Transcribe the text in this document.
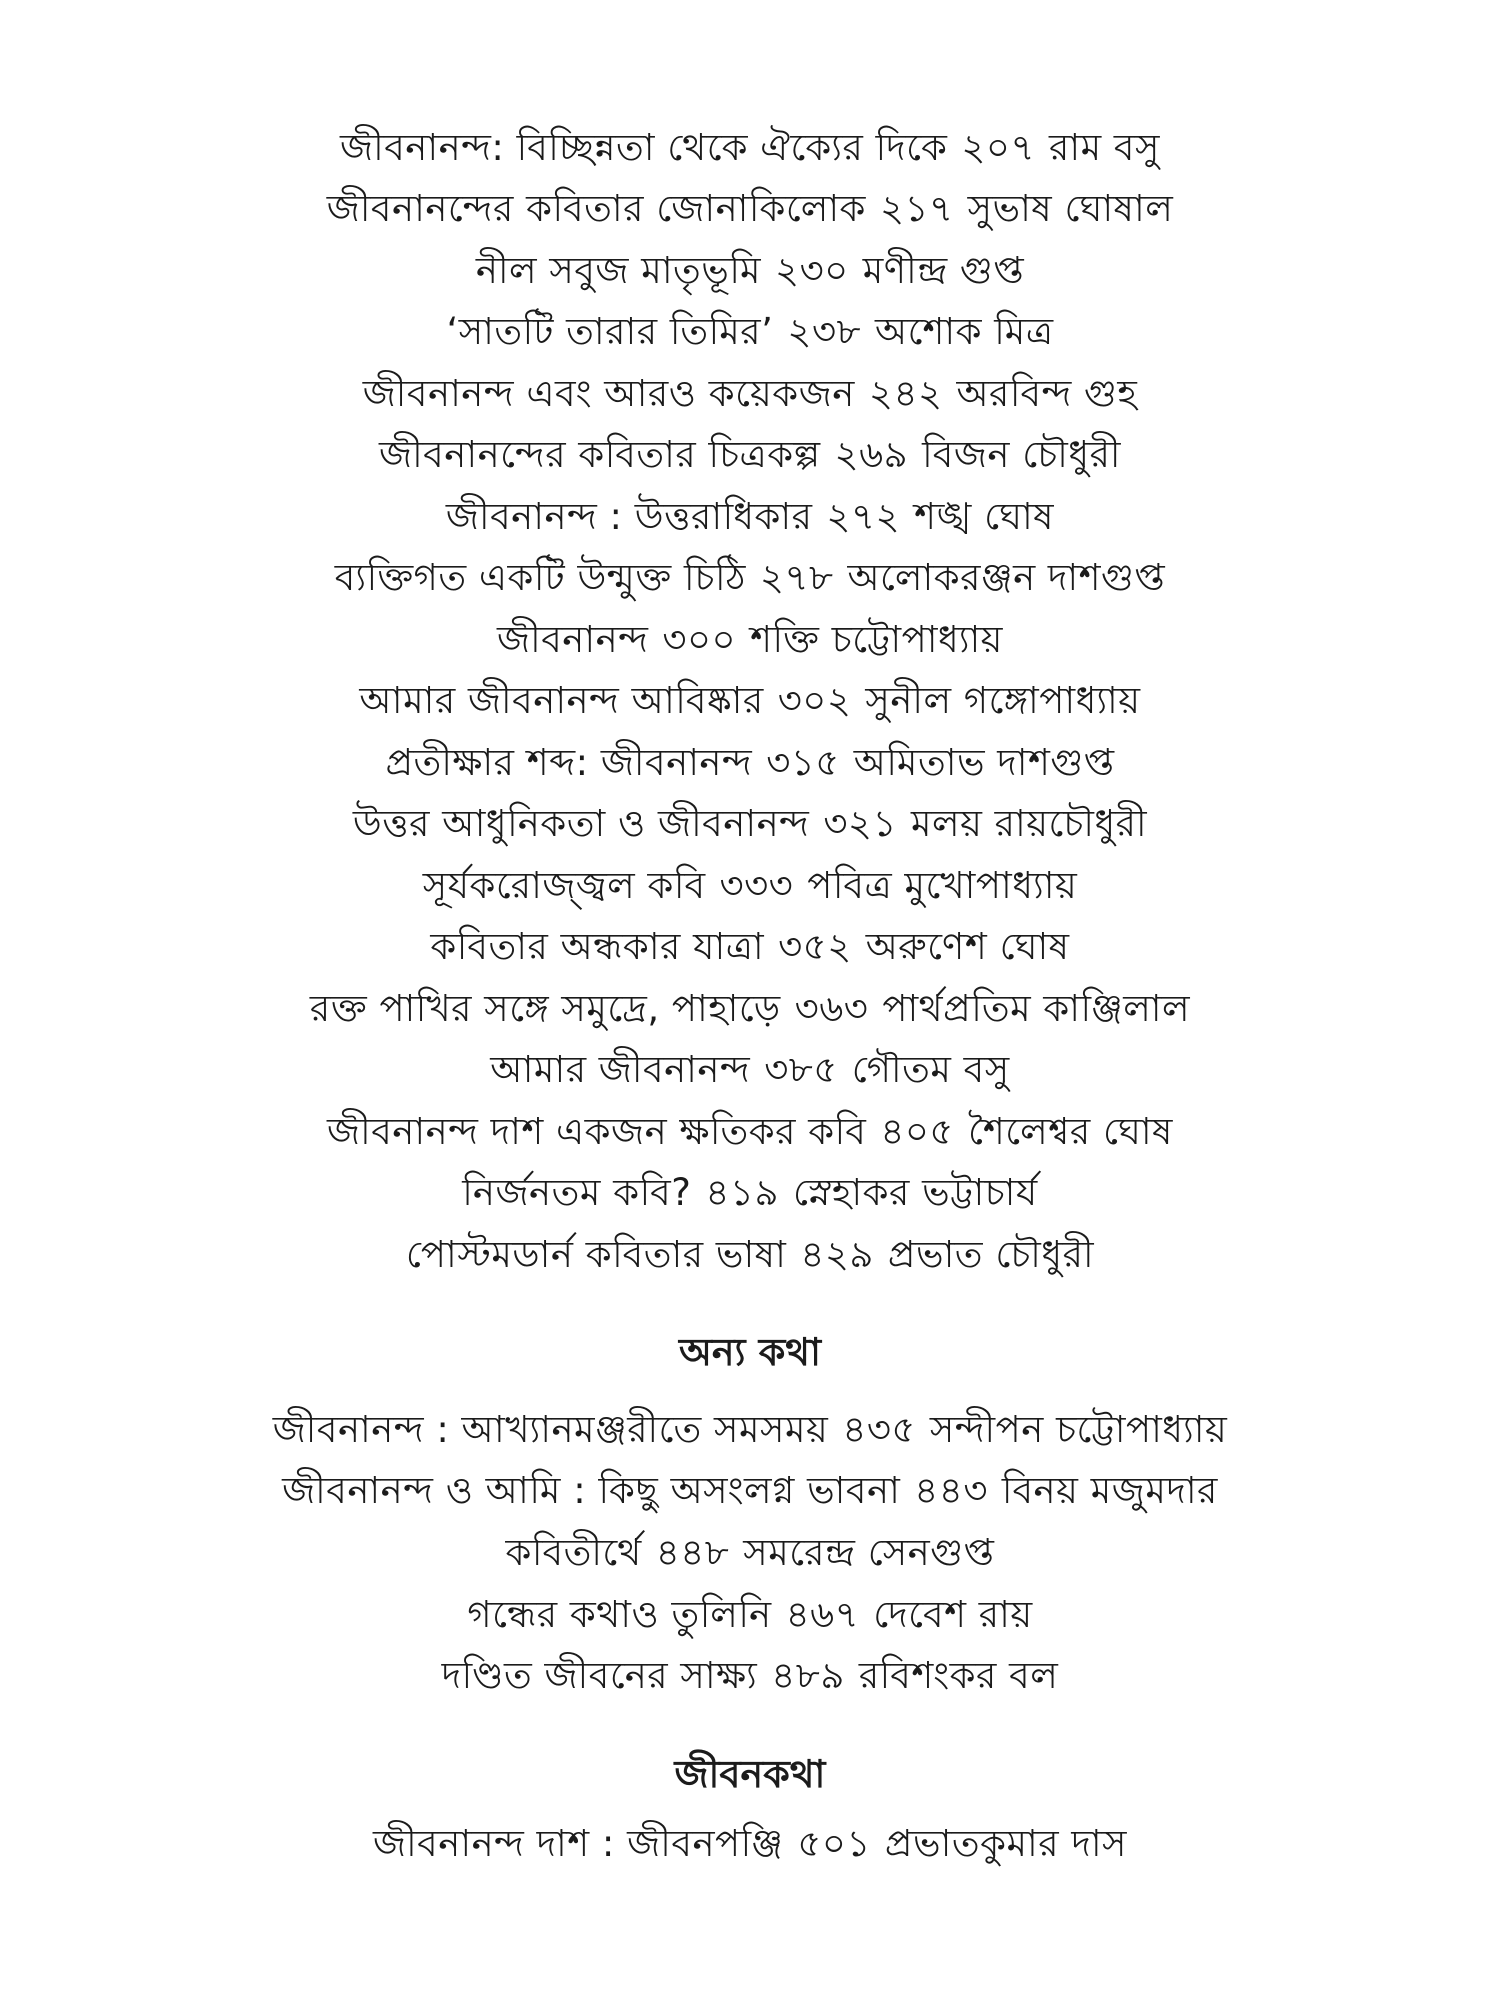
জীবনানন্দ: বিচ্ছিন্নতা থেকে ঐক্যের দিকে ২০৭ রাম বসু
জীবনানন্দের কবিতার জোনাকিলোক ২১৭ সুভাষ ঘোষাল
নীল সবুজ মাতৃভূমি ২৩০ মণীন্দ্র গুপ্ত
‘সাতটি তারার তিমির’ ২৩৮ অশোক মিত্র
জীবনানন্দ এবং আরও কয়েকজন ২৪২ অরবিন্দ গুহ
জীবনানন্দের কবিতার চিত্রকল্প ২৬৯ বিজন চৌধুরী
জীবনানন্দ : উত্তরাধিকার ২৭২ শঙ্খ ঘোষ
ব্যক্তিগত একটি উন্মুক্ত চিঠি ২৭৮ অলোকরঞ্জন দাশগুপ্ত
জীবনানন্দ ৩০০ শক্তি চট্টোপাধ্যায়
আমার জীবনানন্দ আবিষ্কার ৩০২ সুনীল গঙ্গোপাধ্যায়
প্রতীক্ষার শব্দ: জীবনানন্দ ৩১৫ অমিতাভ দাশগুপ্ত
উত্তর আধুনিকতা ও জীবনানন্দ ৩২১ মলয় রায়চৌধুরী
সূর্যকরোজ্জ্বল কবি ৩৩৩ পবিত্র মুখোপাধ্যায়
কবিতার অন্ধকার যাত্রা ৩৫২ অরুণেশ ঘোষ
রক্ত পাখির সঙ্গে সমুদ্রে, পাহাড়ে ৩৬৩ পার্থপ্রতিম কাঞ্জিলাল
আমার জীবনানন্দ ৩৮৫ গৌতম বসু
জীবনানন্দ দাশ একজন ক্ষতিকর কবি ৪০৫ শৈলেশ্বর ঘোষ
নির্জনতম কবি? ৪১৯ স্নেহাকর ভট্টাচার্য
পোস্টমডার্ন কবিতার ভাষা ৪২৯ প্রভাত চৌধুরী
অন্য কথা
জীবনানন্দ : আখ্যানমঞ্জরীতে সমসময় ৪৩৫ সন্দীপন চট্টোপাধ্যায়
জীবনানন্দ ও আমি : কিছু অসংলগ্ন ভাবনা ৪৪৩ বিনয় মজুমদার
কবিতীর্থে ৪৪৮ সমরেন্দ্র সেনগুপ্ত
গন্ধের কথাও তুলিনি ৪৬৭ দেবেশ রায়
দণ্ডিত জীবনের সাক্ষ্য ৪৮৯ রবিশংকর বল
জীবনকথা
জীবনানন্দ দাশ : জীবনপঞ্জি ৫০১ প্রভাতকুমার দাস
